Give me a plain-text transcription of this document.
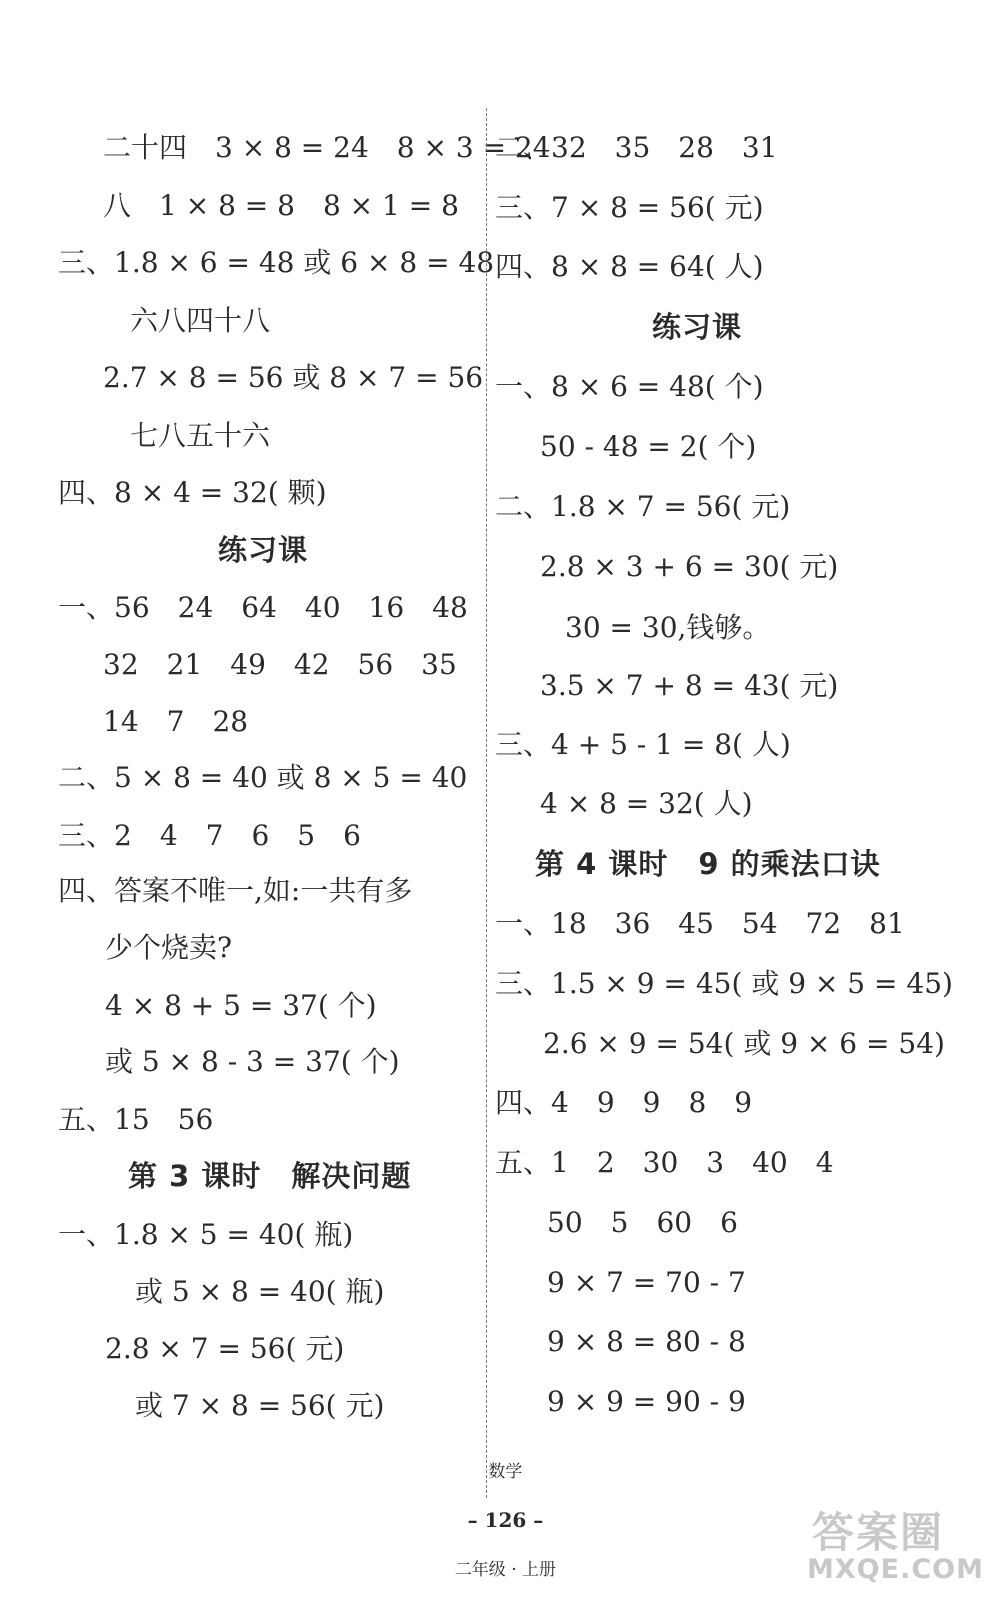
二十四　3 × 8 = 24　8 × 3 = 24
八　1 × 8 = 8　8 × 1 = 8
三、1.8 × 6 = 48 或 6 × 8 = 48
六八四十八
2.7 × 8 = 56 或 8 × 7 = 56
七八五十六
四、8 × 4 = 32( 颗)
练习课
一、56　24　64　40　16　48
32　21　49　42　56　35
14　7　28
二、5 × 8 = 40 或 8 × 5 = 40
三、2　4　7　6　5　6
四、答案不唯一,如:一共有多
少个烧卖?
4 × 8 + 5 = 37( 个)
或 5 × 8 - 3 = 37( 个)
五、15　56
第 3 课时　解决问题
一、1.8 × 5 = 40( 瓶)
或 5 × 8 = 40( 瓶)
2.8 × 7 = 56( 元)
或 7 × 8 = 56( 元)
二、32　35　28　31
三、7 × 8 = 56( 元)
四、8 × 8 = 64( 人)
练习课
一、8 × 6 = 48( 个)
50 - 48 = 2( 个)
二、1.8 × 7 = 56( 元)
2.8 × 3 + 6 = 30( 元)
30 = 30,钱够。
3.5 × 7 + 8 = 43( 元)
三、4 + 5 - 1 = 8( 人)
4 × 8 = 32( 人)
第 4 课时　9 的乘法口诀
一、18　36　45　54　72　81
三、1.5 × 9 = 45( 或 9 × 5 = 45)
2.6 × 9 = 54( 或 9 × 6 = 54)
四、4　9　9　8　9
五、1　2　30　3　40　4
50　5　60　6
9 × 7 = 70 - 7
9 × 8 = 80 - 8
9 × 9 = 90 - 9

数学

– 126 –

二年级 · 上册

答案圈
MXQE.COM
